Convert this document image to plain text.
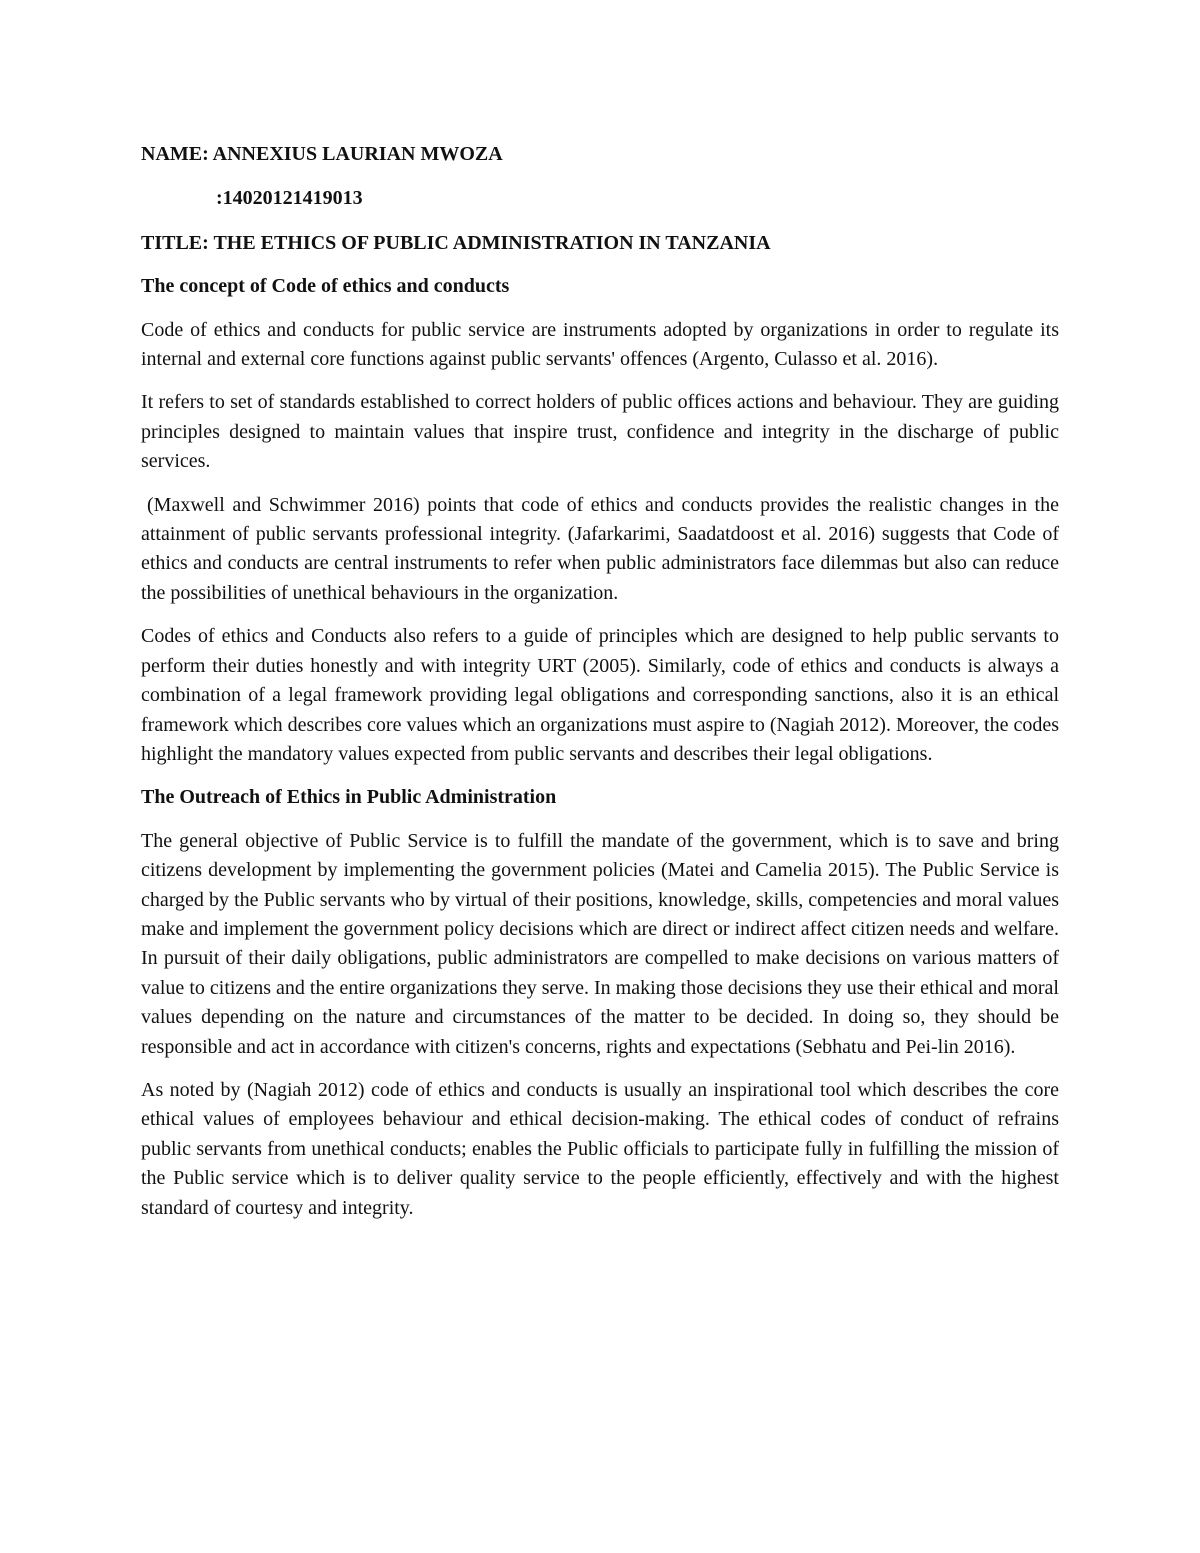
NAME: ANNEXIUS LAURIAN MWOZA
:14020121419013
TITLE: THE ETHICS OF PUBLIC ADMINISTRATION IN TANZANIA
The concept of Code of ethics and conducts

Code of ethics and conducts for public service are instruments adopted by organizations in order to regulate its internal and external core functions against public servants' offences (Argento, Culasso et al. 2016).

It refers to set of standards established to correct holders of public offices actions and behaviour. They are guiding principles designed to maintain values that inspire trust, confidence and integrity in the discharge of public services.

(Maxwell and Schwimmer 2016) points that code of ethics and conducts provides the realistic changes in the attainment of public servants professional integrity. (Jafarkarimi, Saadatdoost et al. 2016) suggests that Code of ethics and conducts are central instruments to refer when public administrators face dilemmas but also can reduce the possibilities of unethical behaviours in the organization.

Codes of ethics and Conducts also refers to a guide of principles which are designed to help public servants to perform their duties honestly and with integrity URT (2005). Similarly, code of ethics and conducts is always a combination of a legal framework providing legal obligations and corresponding sanctions, also it is an ethical framework which describes core values which an organizations must aspire to (Nagiah 2012). Moreover, the codes highlight the mandatory values expected from public servants and describes their legal obligations.

The Outreach of Ethics in Public Administration

The general objective of Public Service is to fulfill the mandate of the government, which is to save and bring citizens development by implementing the government policies (Matei and Camelia 2015). The Public Service is charged by the Public servants who by virtual of their positions, knowledge, skills, competencies and moral values make and implement the government policy decisions which are direct or indirect affect citizen needs and welfare. In pursuit of their daily obligations, public administrators are compelled to make decisions on various matters of value to citizens and the entire organizations they serve. In making those decisions they use their ethical and moral values depending on the nature and circumstances of the matter to be decided. In doing so, they should be responsible and act in accordance with citizen's concerns, rights and expectations (Sebhatu and Pei-lin 2016).

As noted by (Nagiah 2012) code of ethics and conducts is usually an inspirational tool which describes the core ethical values of employees behaviour and ethical decision-making. The ethical codes of conduct of refrains public servants from unethical conducts; enables the Public officials to participate fully in fulfilling the mission of the Public service which is to deliver quality service to the people efficiently, effectively and with the highest standard of courtesy and integrity.
